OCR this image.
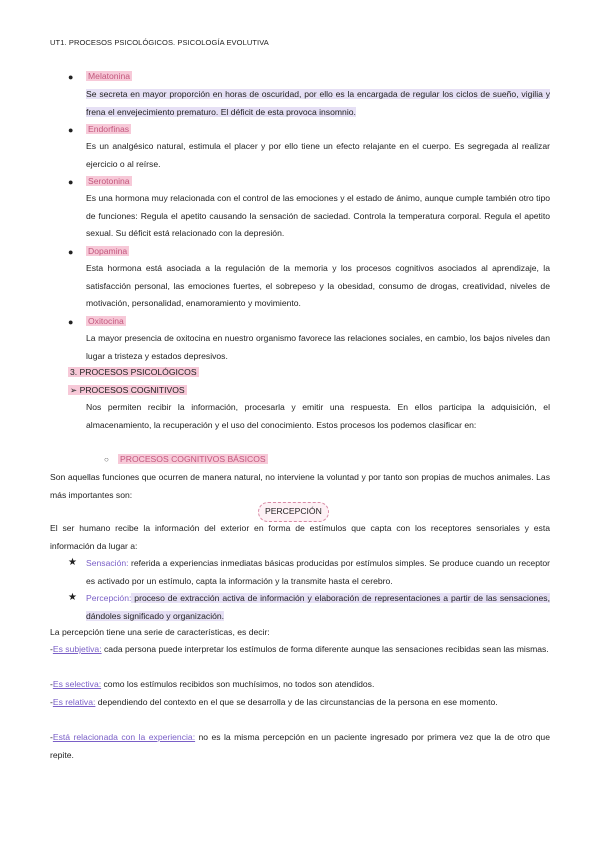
UT1. PROCESOS PSICOLÓGICOS. PSICOLOGÍA EVOLUTIVA
● Melatonina
Se secreta en mayor proporción en horas de oscuridad, por ello es la encargada de regular los ciclos de sueño, vigilia y frena el envejecimiento prematuro. El déficit de esta provoca insomnio.
● Endorfinas
Es un analgésico natural, estimula el placer y por ello tiene un efecto relajante en el cuerpo. Es segregada al realizar ejercicio o al reírse.
● Serotonina
Es una hormona muy relacionada con el control de las emociones y el estado de ánimo, aunque cumple también otro tipo de funciones: Regula el apetito causando la sensación de saciedad. Controla la temperatura corporal. Regula el apetito sexual. Su déficit está relacionado con la depresión.
● Dopamina
Esta hormona está asociada a la regulación de la memoria y los procesos cognitivos asociados al aprendizaje, la satisfacción personal, las emociones fuertes, el sobrepeso y la obesidad, consumo de drogas, creatividad, niveles de motivación, personalidad, enamoramiento y movimiento.
● Oxitocina
La mayor presencia de oxitocina en nuestro organismo favorece las relaciones sociales, en cambio, los bajos niveles dan lugar a tristeza y estados depresivos.
3. PROCESOS PSICOLÓGICOS
➢ PROCESOS COGNITIVOS
Nos permiten recibir la información, procesarla y emitir una respuesta. En ellos participa la adquisición, el almacenamiento, la recuperación y el uso del conocimiento. Estos procesos los podemos clasificar en:
○ PROCESOS COGNITIVOS BÁSICOS
Son aquellas funciones que ocurren de manera natural, no interviene la voluntad y por tanto son propias de muchos animales. Las más importantes son:
PERCEPCIÓN
El ser humano recibe la información del exterior en forma de estímulos que capta con los receptores sensoriales y esta información da lugar a:
★ Sensación: referida a experiencias inmediatas básicas producidas por estímulos simples. Se produce cuando un receptor es activado por un estímulo, capta la información y la transmite hasta el cerebro.
★ Percepción: proceso de extracción activa de información y elaboración de representaciones a partir de las sensaciones, dándoles significado y organización.
La percepción tiene una serie de características, es decir:
-Es subjetiva: cada persona puede interpretar los estímulos de forma diferente aunque las sensaciones recibidas sean las mismas.
-Es selectiva: como los estímulos recibidos son muchísimos, no todos son atendidos.
-Es relativa: dependiendo del contexto en el que se desarrolla y de las circunstancias de la persona en ese momento.
-Está relacionada con la experiencia: no es la misma percepción en un paciente ingresado por primera vez que la de otro que repite.
